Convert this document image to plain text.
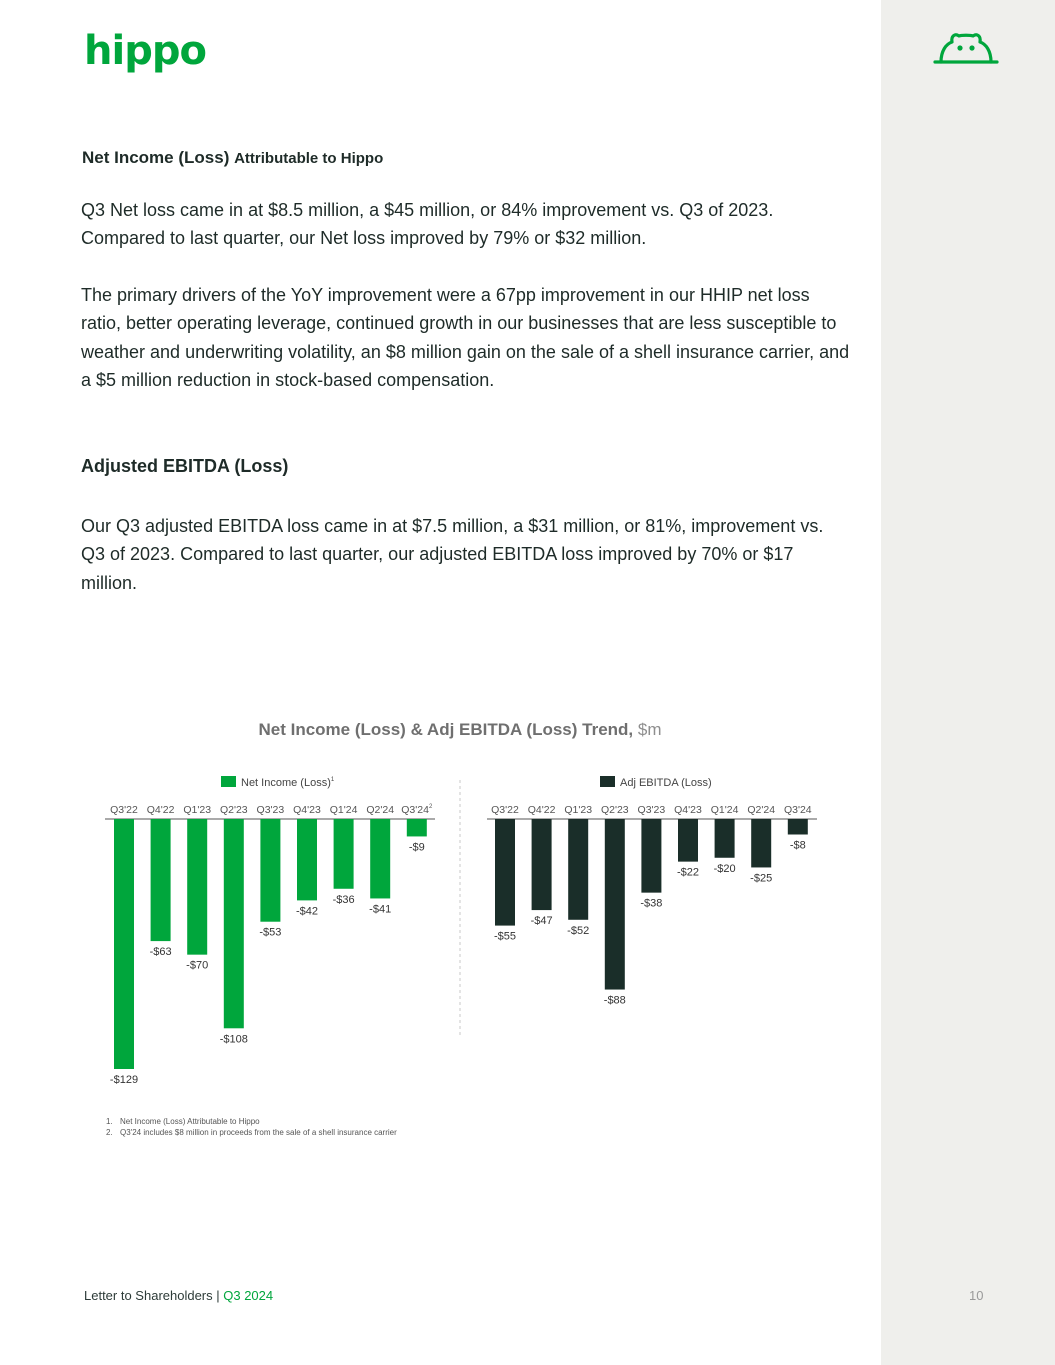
hippo
Net Income (Loss) Attributable to Hippo

Q3 Net loss came in at $8.5 million, a $45 million, or 84% improvement vs. Q3 of 2023. Compared to last quarter, our Net loss improved by 79% or $32 million.

The primary drivers of the YoY improvement were a 67pp improvement in our HHIP net loss ratio, better operating leverage, continued growth in our businesses that are less susceptible to weather and underwriting volatility, an $8 million gain on the sale of a shell insurance carrier, and a $5 million reduction in stock-based compensation.

Adjusted EBITDA (Loss)

Our Q3 adjusted EBITDA loss came in at $7.5 million, a $31 million, or 81%, improvement vs. Q3 of 2023. Compared to last quarter, our adjusted EBITDA loss improved by 70% or $17 million.

Net Income (Loss) & Adj EBITDA (Loss) Trend, $m
Net Income (Loss)$^1$
Q3'22
-$129
Q4'22
-$63
Q1'23
-$70
Q2'23
-$108
Q3'23
-$53
Q4'23
-$42
Q1'24
-$36
Q2'24
-$41
$Q3'24^2$
-$9
Adj EBITDA (Loss)
Q3'22
-$55
Q4'22
-$47
Q1'23
-$52
Q2'23
-$88
Q3'23
-$38
Q4'23
-$22
Q1'24
-$20
Q2'24
-$25
Q3'24
-$8
1. Net Income (Loss) Attributable to Hippo
2. Q3'24 includes $8 million in proceeds from the sale of a shell insurance carrier
Letter to Shareholders | Q3 2024	10
